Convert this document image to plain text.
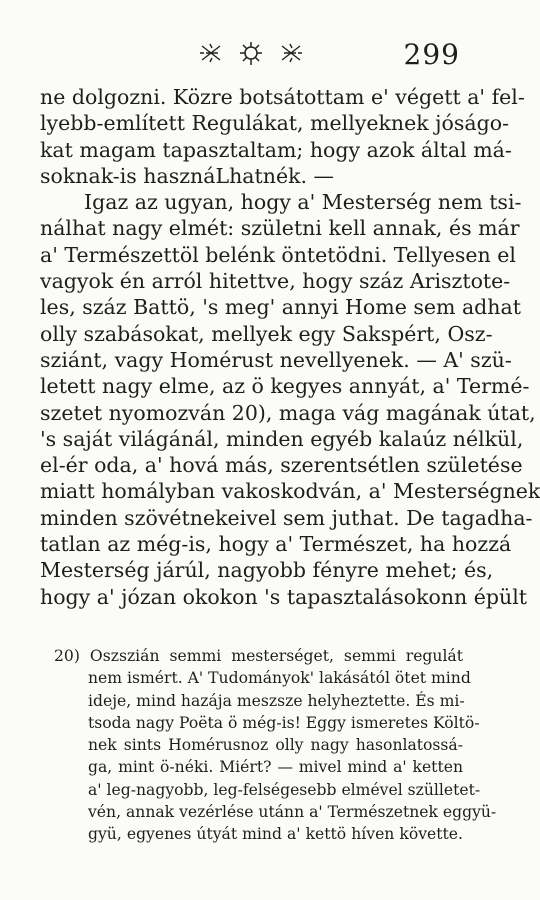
299
ne dolgozni. Közre botsátottam e' végett a' fel-
lyebb-említett Regulákat, mellyeknek jóságo-
kat magam tapasztaltam; hogy azok által má-
soknak-is hasznáLhatnék. —
Igaz az ugyan, hogy a' Mesterség nem tsi-
nálhat nagy elmét: születni kell annak, és már
a' Természettöl belénk öntetödni. Tellyesen el
vagyok én arról hitettve, hogy száz Arisztote-
les, száz Battö, 's meg' annyi Home sem adhat
olly szabásokat, mellyek egy Sakspért, Osz-
sziánt, vagy Homérust nevellyenek. — A' szü-
letett nagy elme, az ö kegyes annyát, a' Termé-
szetet nyomozván 20), maga vág magának útat,
's saját világánál, minden egyéb kalaúz nélkül,
el-ér oda, a' hová más, szerentsétlen születése
miatt homályban vakoskodván, a' Mesterségnek
minden szövétnekeivel sem juthat. De tagadha-
tatlan az még-is, hogy a' Természet, ha hozzá
Mesterség járúl, nagyobb fényre mehet; és,
hogy a' józan okokon 's tapasztalásokonn épült
20) Oszszián semmi mesterséget, semmi regulát
nem ismért. A' Tudományok' lakásától ötet mind
ideje, mind hazája meszsze helyheztette. És mi-
tsoda nagy Poëta ö még-is! Eggy ismeretes Költö-
nek sints Homérusnoz olly nagy hasonlatossá-
ga, mint ö-néki. Miért? — mivel mind a' ketten
a' leg-nagyobb, leg-felségesebb elmével szülletet-
vén, annak vezérlése utánn a' Természetnek eggyü-
gyü, egyenes útyát mind a' kettö híven követte.
